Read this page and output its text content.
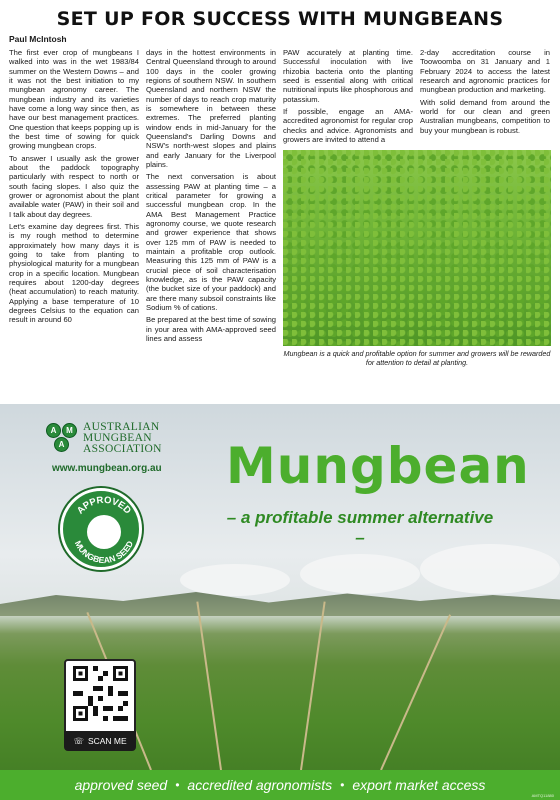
SET UP FOR SUCCESS WITH MUNGBEANS
Paul McIntosh

The first ever crop of mungbeans I walked into was in the wet 1983/84 summer on the Western Downs – and it was not the best initiation to my mungbean agronomy career. The mungbean industry and its varieties have come a long way since then, as have our best management practices. One question that keeps popping up is the best time of sowing for quick growing mungbean crops.

To answer I usually ask the grower about the paddock topography particularly with respect to north or south facing slopes. I also quiz the grower or agronomist about the plant available water (PAW) in their soil and I talk about day degrees.

Let's examine day degrees first. This is my rough method to determine approximately how many days it is going to take from planting to physiological maturity for a mungbean crop in a specific location. Mungbean requires about 1200-day degrees (heat accumulation) to reach maturity. Applying a base temperature of 10 degrees Celsius to the equation can result in around 60

days in the hottest environments in Central Queensland through to around 100 days in the cooler growing regions of southern NSW. In southern Queensland and northern NSW the number of days to reach crop maturity is somewhere in between these extremes. The preferred planting window ends in mid-January for the Queensland's Darling Downs and NSW's north-west slopes and plains and early January for the Liverpool plains.

The next conversation is about assessing PAW at planting time – a critical parameter for growing a successful mungbean crop. In the AMA Best Management Practice agronomy course, we quote research and grower experience that shows over 125 mm of PAW is needed to maintain a profitable crop outlook. Measuring this 125 mm of PAW is a crucial piece of soil characterisation knowledge, as is the PAW capacity (the bucket size of your paddock) and are there many subsoil constraints like Sodium % of cations.

Be prepared at the best time of sowing in your area with AMA-approved seed lines and assess

PAW accurately at planting time. Successful inoculation with live rhizobia bacteria onto the planting seed is essential along with critical nutritional inputs like phosphorous and potassium.

If possible, engage an AMA-accredited agronomist for regular crop checks and advice. Agronomists and growers are invited to attend a

2-day accreditation course in Toowoomba on 31 January and 1 February 2024 to access the latest research and agronomic practices for mungbean production and marketing.

With solid demand from around the world for our clean and green Australian mungbeans, competition to buy your mungbean is robust.

Mungbean is a quick and profitable option for summer and growers will be rewarded for attention to detail at planting.
A	M
A
AUSTRALIAN
MUNGBEAN
ASSOCIATION
www.mungbean.org.au
APPROVED
MUNGBEAN SEED
Mungbean
– a profitable summer alternative –
☏ SCAN ME
approved seed • accredited agronomists • export market access
AMTQ11880
